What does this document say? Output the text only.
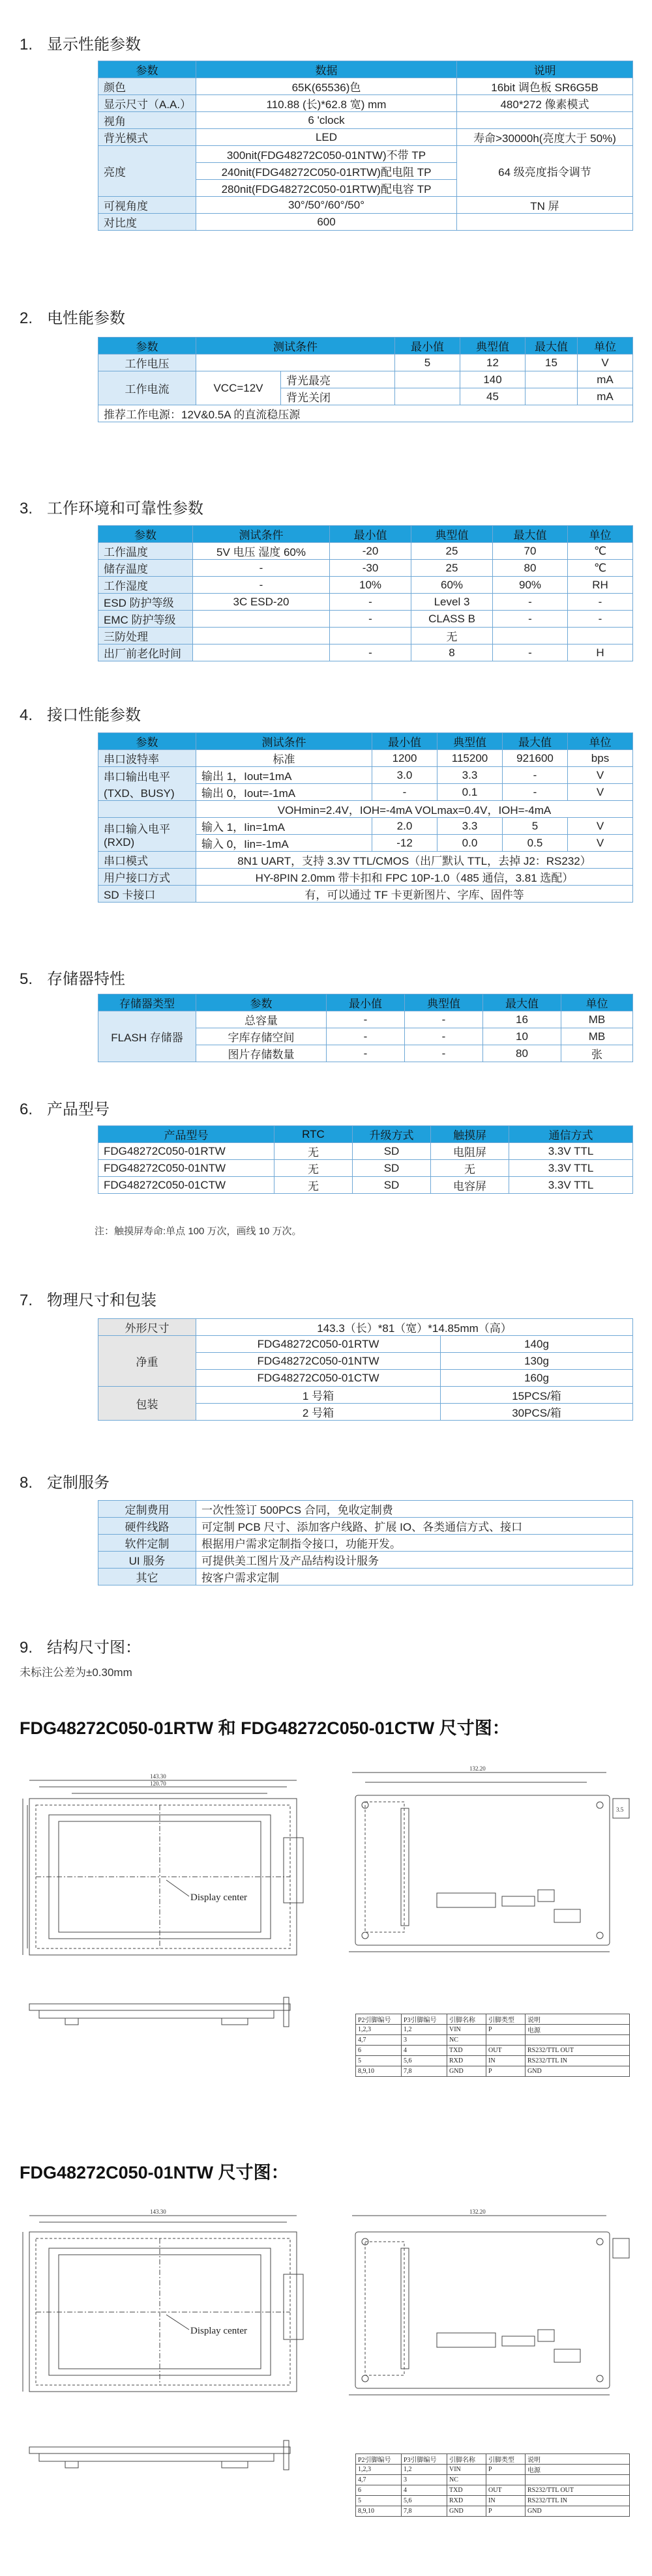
1. 显示性能参数
参数	数据	说明
颜色	65K(65536)色	16bit 调色板 SR6G5B
显示尺寸（A.A.）	110.88 (长)*62.8 宽) mm	480*272 像素模式
视角	6 'clock	
背光模式	LED	寿命>30000h(亮度大于 50%)
亮度	300nit(FDG48272C050-01NTW)不带 TP	64 级亮度指令调节
	240nit(FDG48272C050-01RTW)配电阻 TP	
	280nit(FDG48272C050-01RTW)配电容 TP	
可视角度	30°/50°/60°/50°	TN 屏
对比度	600	
2. 电性能参数
参数	测试条件		最小值	典型值	最大值	单位
工作电压			5	12	15	V
工作电流	VCC=12V	背光最亮		140		mA
		背光关闭		45		mA
推荐工作电源：12V&0.5A 的直流稳压源						
3. 工作环境和可靠性参数
参数	测试条件	最小值	典型值	最大值	单位
工作温度	5V 电压 湿度 60%	-20	25	70	℃
储存温度	-	-30	25	80	℃
工作湿度	-	10%	60%	90%	RH
ESD 防护等级	3C ESD-20	-	Level 3	-	-
EMC 防护等级		-	CLASS B	-	-
三防处理			无		
出厂前老化时间		-	8	-	H
4. 接口性能参数
参数	测试条件	最小值	典型值	最大值	单位
串口波特率	标准	1200	115200	921600	bps
串口输出电平
(TXD、BUSY)	输出 1，Iout=1mA	3.0	3.3	-	V
	输出 0，Iout=-1mA	-	0.1	-	V
	VOHmin=2.4V，IOH=-4mA VOLmax=0.4V，IOH=-4mA				
串口输入电平
(RXD)	输入 1，Iin=1mA	2.0	3.3	5	V
	输入 0，Iin=-1mA	-12	0.0	0.5	V
串口模式	8N1 UART，支持 3.3V TTL/CMOS（出厂默认 TTL，去掉 J2：RS232）				
用户接口方式	HY-8PIN 2.0mm 带卡扣和 FPC 10P-1.0（485 通信，3.81 选配）				
SD 卡接口	有，可以通过 TF 卡更新图片、字库、固件等				
5. 存储器特性
存储器类型	参数	最小值	典型值	最大值	单位
FLASH 存储器	总容量	-	-	16	MB
	字库存储空间	-	-	10	MB
	图片存储数量	-	-	80	张
6. 产品型号
产品型号	RTC	升级方式	触摸屏	通信方式
FDG48272C050-01RTW	无	SD	电阻屏	3.3V TTL
FDG48272C050-01NTW	无	SD	无	3.3V TTL
FDG48272C050-01CTW	无	SD	电容屏	3.3V TTL
注：触摸屏寿命:单点 100 万次，画线 10 万次。
7. 物理尺寸和包装
外形尺寸	143.3（长）*81（宽）*14.85mm（高）	
净重	FDG48272C050-01RTW	140g
	FDG48272C050-01NTW	130g
	FDG48272C050-01CTW	160g
包装	1 号箱	15PCS/箱
	2 号箱	30PCS/箱
8. 定制服务
定制费用	一次性签订 500PCS 合同，免收定制费
硬件线路	可定制 PCB 尺寸、添加客户线路、扩展 IO、各类通信方式、接口
软件定制	根据用户需求定制指令接口，功能开发。
UI 服务	可提供美工图片及产品结构设计服务
其它	按客户需求定制
9. 结构尺寸图：
未标注公差为±0.30mm
FDG48272C050-01RTW 和 FDG48272C050-01CTW 尺寸图：
143.30
120.70
Display center
132.20
3.5
P2引脚编号	P3引脚编号	引脚名称	引脚类型	说明
1,2,3	1,2	VIN	P	电源
4,7	3	NC		
6	4	TXD	OUT	RS232/TTL OUT
5	5,6	RXD	IN	RS232/TTL IN
8,9,10	7,8	GND	P	GND
FDG48272C050-01NTW 尺寸图：
143.30
Display center
132.20
P2引脚编号	P3引脚编号	引脚名称	引脚类型	说明
1,2,3	1,2	VIN	P	电源
4,7	3	NC		
6	4	TXD	OUT	RS232/TTL OUT
5	5,6	RXD	IN	RS232/TTL IN
8,9,10	7,8	GND	P	GND
